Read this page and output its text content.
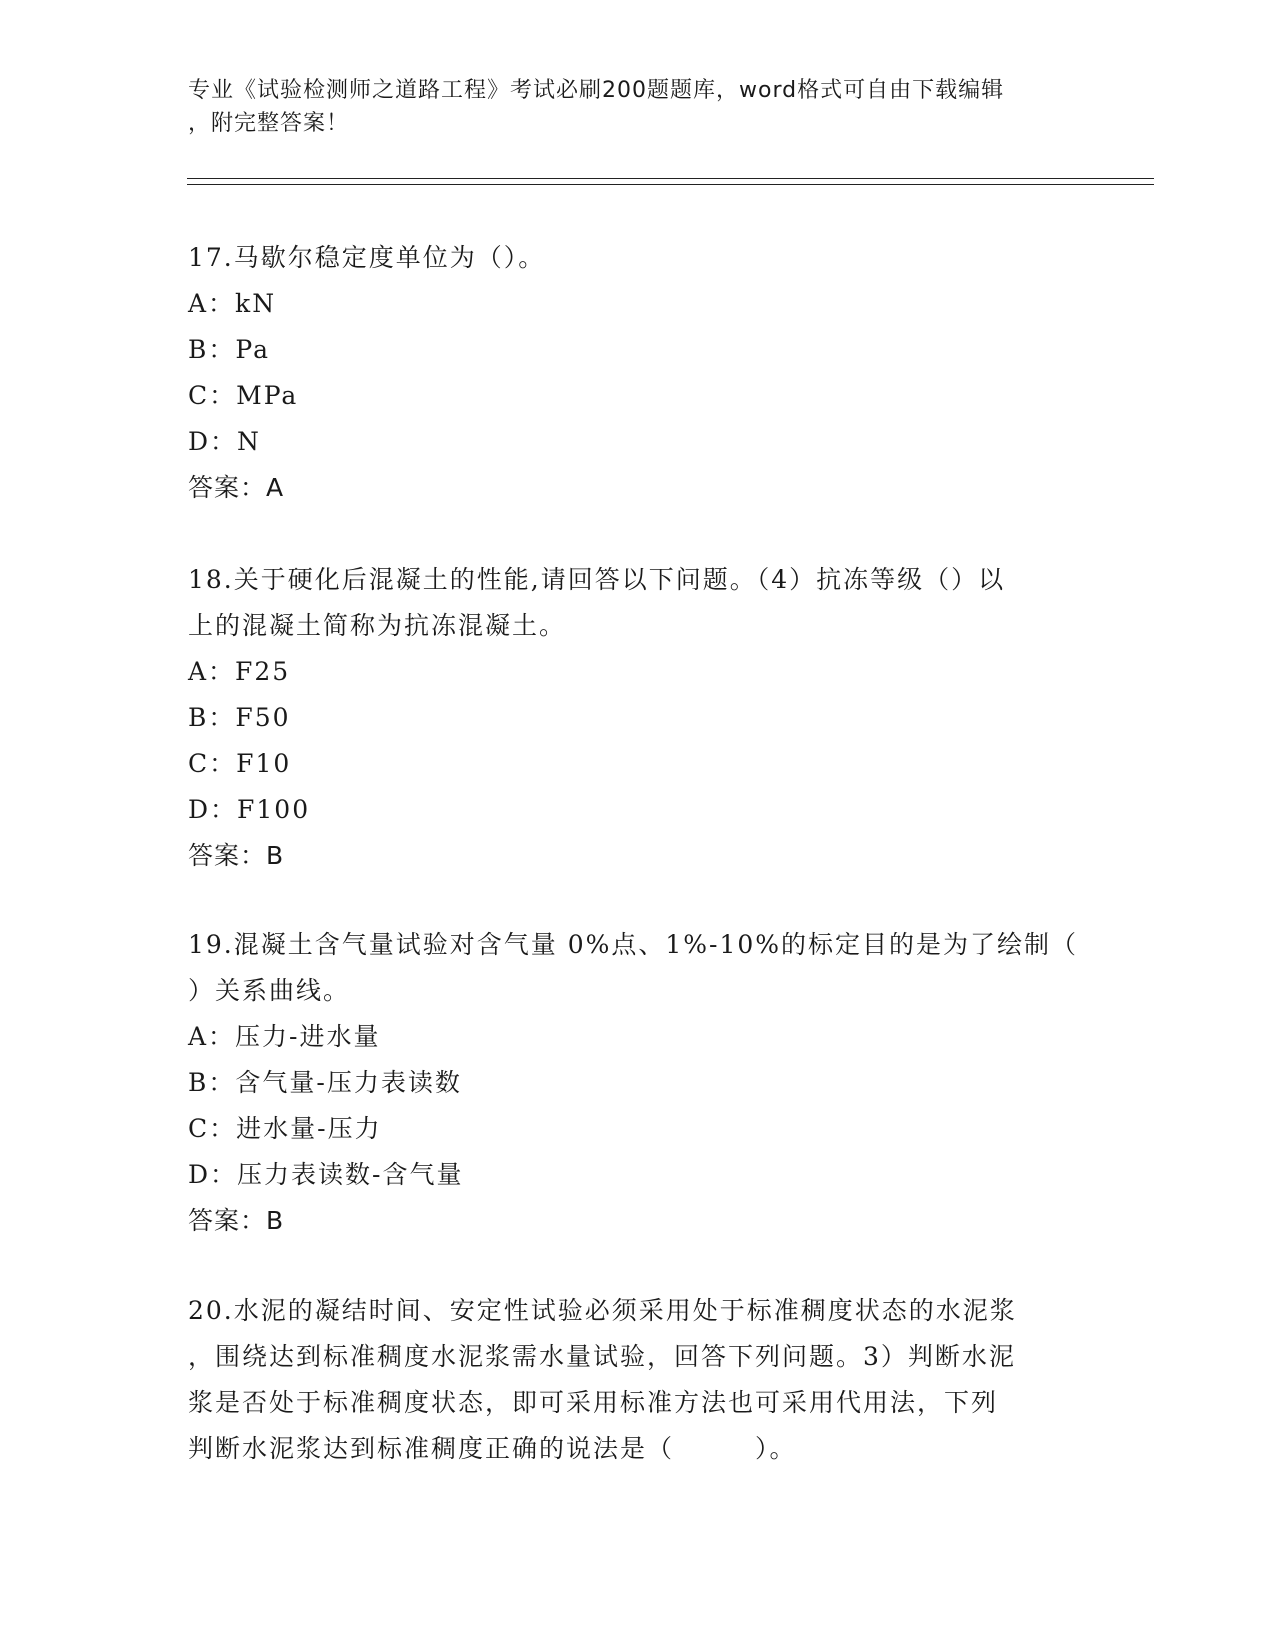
专业《试验检测师之道路工程》考试必刷200题题库，word格式可自由下载编辑
，附完整答案！

17.马歇尔稳定度单位为（）。

A：kN

B：Pa

C：MPa

D：N

答案：A

18.关于硬化后混凝土的性能,请回答以下问题。（4）抗冻等级（）以

上的混凝土简称为抗冻混凝土。

A：F25

B：F50

C：F10

D：F100

答案：B

19.混凝土含气量试验对含气量 0%点、1%-10%的标定目的是为了绘制（

）关系曲线。

A：压力-进水量

B：含气量-压力表读数

C：进水量-压力

D：压力表读数-含气量

答案：B

20.水泥的凝结时间、安定性试验必须采用处于标准稠度状态的水泥浆

，围绕达到标准稠度水泥浆需水量试验，回答下列问题。3）判断水泥

浆是否处于标准稠度状态，即可采用标准方法也可采用代用法，下列

判断水泥浆达到标准稠度正确的说法是（　　　）。
